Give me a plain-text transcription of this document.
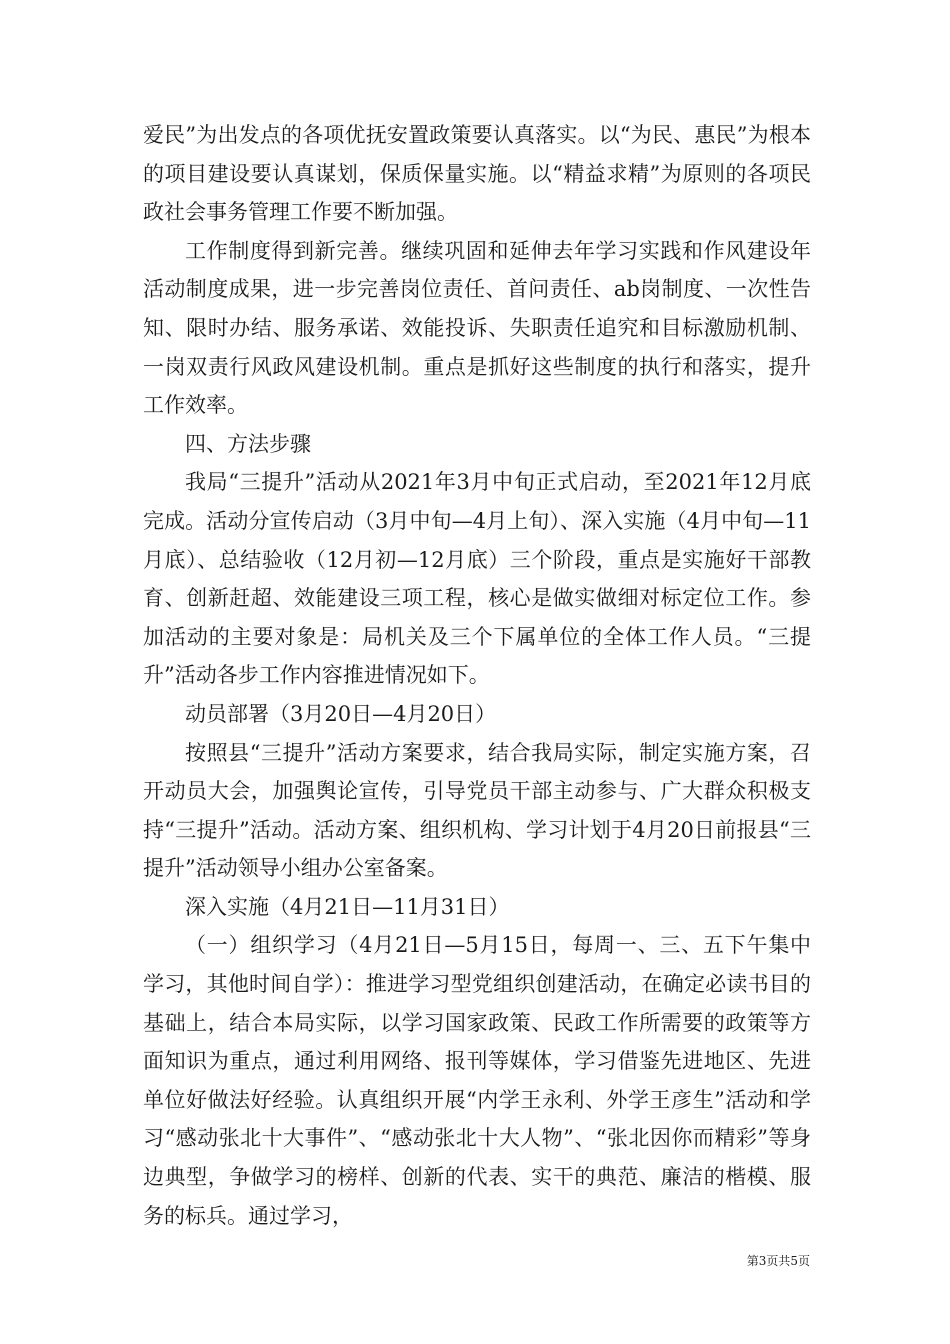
爱民”为出发点的各项优抚安置政策要认真落实。以“为民、惠民”为根本的项目建设要认真谋划，保质保量实施。以“精益求精”为原则的各项民政社会事务管理工作要不断加强。

工作制度得到新完善。继续巩固和延伸去年学习实践和作风建设年活动制度成果，进一步完善岗位责任、首问责任、ab岗制度、一次性告知、限时办结、服务承诺、效能投诉、失职责任追究和目标激励机制、一岗双责行风政风建设机制。重点是抓好这些制度的执行和落实，提升工作效率。

四、方法步骤

我局“三提升”活动从2021年3月中旬正式启动，至2021年12月底完成。活动分宣传启动（3月中旬—4月上旬）、深入实施（4月中旬—11月底）、总结验收（12月初—12月底）三个阶段，重点是实施好干部教育、创新赶超、效能建设三项工程，核心是做实做细对标定位工作。参加活动的主要对象是：局机关及三个下属单位的全体工作人员。“三提升”活动各步工作内容推进情况如下。

动员部署（3月20日—4月20日）

按照县“三提升”活动方案要求，结合我局实际，制定实施方案，召开动员大会，加强舆论宣传，引导党员干部主动参与、广大群众积极支持“三提升”活动。活动方案、组织机构、学习计划于4月20日前报县“三提升”活动领导小组办公室备案。

深入实施（4月21日—11月31日）

（一）组织学习（4月21日—5月15日，每周一、三、五下午集中学习，其他时间自学）：推进学习型党组织创建活动，在确定必读书目的基础上，结合本局实际，以学习国家政策、民政工作所需要的政策等方面知识为重点，通过利用网络、报刊等媒体，学习借鉴先进地区、先进单位好做法好经验。认真组织开展“内学王永利、外学王彦生”活动和学习“感动张北十大事件”、“感动张北十大人物”、“张北因你而精彩”等身边典型，争做学习的榜样、创新的代表、实干的典范、廉洁的楷模、服务的标兵。通过学习，

第3页共5页
